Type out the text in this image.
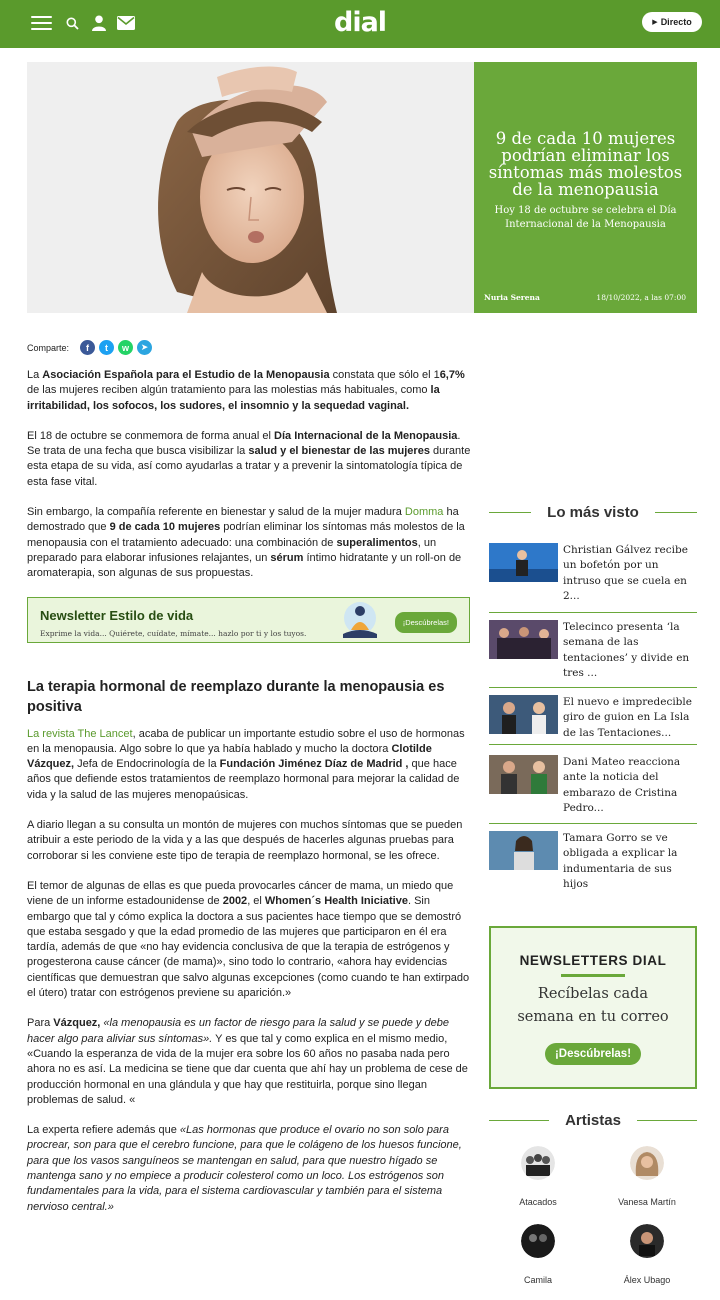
dial	▶ Directo
9 de cada 10 mujeres podrían eliminar los síntomas más molestos de la menopausia
Hoy 18 de octubre se celebra el Día Internacional de la Menopausia
Nuria Serena	18/10/2022, a las 07:00
Comparte:	f	t	w	➤

La Asociación Española para el Estudio de la Menopausia constata que sólo el 16,7% de las mujeres reciben algún tratamiento para las molestias más habituales, como la irritabilidad, los sofocos, los sudores, el insomnio y la sequedad vaginal.

El 18 de octubre se conmemora de forma anual el Día Internacional de la Menopausia. Se trata de una fecha que busca visibilizar la salud y el bienestar de las mujeres durante esta etapa de su vida, así como ayudarlas a tratar y a prevenir la sintomatología típica de esta fase vital.

Sin embargo, la compañía referente en bienestar y salud de la mujer madura Domma ha demostrado que 9 de cada 10 mujeres podrían eliminar los síntomas más molestos de la menopausia con el tratamiento adecuado: una combinación de superalimentos, un preparado para elaborar infusiones relajantes, un sérum íntimo hidratante y un roll-on de aromaterapia, son algunas de sus propuestas.

Newsletter Estilo de vida
Exprime la vida... Quiérete, cuídate, mímate... hazlo por ti y los tuyos.
¡Descúbrelas!
La terapia hormonal de reemplazo durante la menopausia es positiva

La revista The Lancet, acaba de publicar un importante estudio sobre el uso de hormonas en la menopausia. Algo sobre lo que ya había hablado y mucho la doctora Clotilde Vázquez, Jefa de Endocrinología de la Fundación Jiménez Díaz de Madrid , que hace años que defiende estos tratamientos de reemplazo hormonal para mejorar la calidad de vida y la salud de las mujeres menopaúsicas.

A diario llegan a su consulta un montón de mujeres con muchos síntomas que se pueden atribuir a este periodo de la vida y a las que después de hacerles algunas pruebas para corroborar si les conviene este tipo de terapia de reemplazo hormonal, se les ofrece.

El temor de algunas de ellas es que pueda provocarles cáncer de mama, un miedo que viene de un informe estadounidense de 2002, el Whomen´s Health Iniciative. Sin embargo que tal y cómo explica la doctora a sus pacientes hace tiempo que se demostró que estaba sesgado y que la edad promedio de las mujeres que participaron en él era tardía, además de que «no hay evidencia conclusiva de que la terapia de estrógenos y progesterona cause cáncer (de mama)», sino todo lo contrario, «ahora hay evidencias científicas que demuestran que salvo algunas excepciones (como cuando te han extirpado el útero) tratar con estrógenos previene su aparición.»

Para Vázquez, «la menopausia es un factor de riesgo para la salud y se puede y debe hacer algo para aliviar sus síntomas». Y es que tal y como explica en el mismo medio, «Cuando la esperanza de vida de la mujer era sobre los 60 años no pasaba nada pero ahora no es así. La medicina se tiene que dar cuenta que ahí hay un problema de cese de producción hormonal en una glándula y que hay que restituirla, porque sino llegan problemas de salud. «

La experta refiere además que «Las hormonas que produce el ovario no son solo para procrear, son para que el cerebro funcione, para que le colágeno de los huesos funcione, para que los vasos sanguíneos se mantengan en salud, para que nuestro hígado se mantenga sano y no empiece a producir colesterol como un loco. Los estrógenos son fundamentales para la vida, para el sistema cardiovascular y también para el sistema nervioso central.»

Lo más visto
Christian Gálvez recibe un bofetón por un intruso que se cuela en 2...
Telecinco presenta ‘la semana de las tentaciones’ y divide en tres ...
El nuevo e impredecible giro de guion en La Isla de las Tentaciones...
Dani Mateo reacciona ante la noticia del embarazo de Cristina Pedro...
Tamara Gorro se ve obligada a explicar la indumentaria de sus hijos
NEWSLETTERS DIAL
Recíbelas cada
semana en tu correo
¡Descúbrelas!
Artistas
Atacados	Vanesa Martín
Camila	Álex Ubago
